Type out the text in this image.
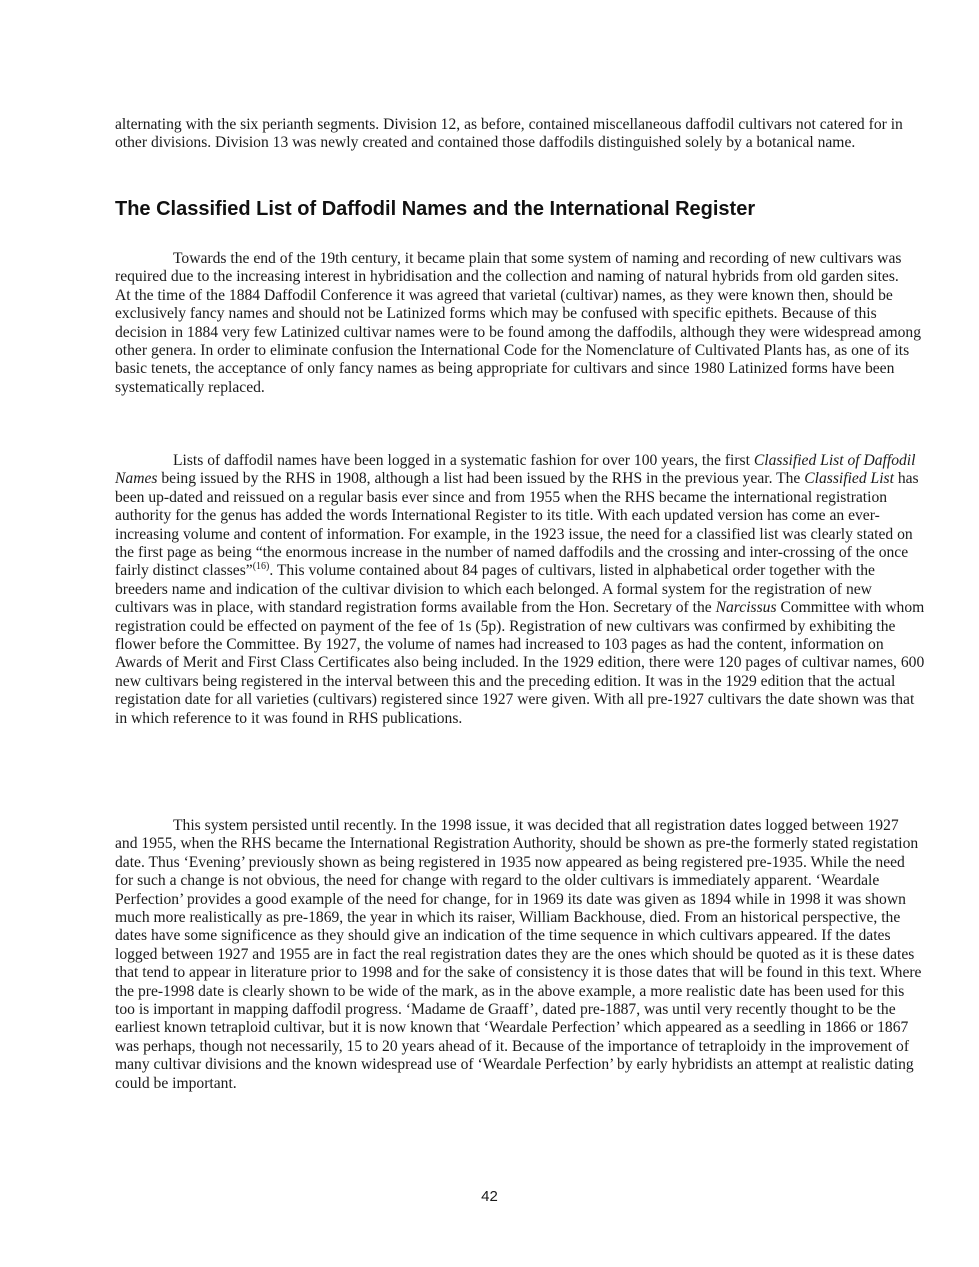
alternating with the six perianth segments. Division 12, as before, contained miscellaneous daffodil cultivars not catered for in other divisions. Division 13 was newly created and contained those daffodils distinguished solely by a botanical name.

The Classified List of Daffodil Names and the International Register

Towards the end of the 19th century, it became plain that some system of naming and recording of new cultivars was required due to the increasing interest in hybridisation and the collection and naming of natural hybrids from old garden sites.

At the time of the 1884 Daffodil Conference it was agreed that varietal (cultivar) names, as they were known then, should be exclusively fancy names and should not be Latinized forms which may be confused with specific epithets. Because of this decision in 1884 very few Latinized cultivar names were to be found among the daffodils, although they were widespread among other genera. In order to eliminate confusion the International Code for the Nomenclature of Cultivated Plants has, as one of its basic tenets, the acceptance of only fancy names as being appropriate for cultivars and since 1980 Latinized forms have been systematically replaced.

Lists of daffodil names have been logged in a systematic fashion for over 100 years, the first Classified List of Daffodil Names being issued by the RHS in 1908, although a list had been issued by the RHS in the previous year. The Classified List has been up-dated and reissued on a regular basis ever since and from 1955 when the RHS became the international registration authority for the genus has added the words International Register to its title. With each updated version has come an ever-increasing volume and content of information. For example, in the 1923 issue, the need for a classified list was clearly stated on the first page as being “the enormous increase in the number of named daffodils and the crossing and inter-crossing of the once fairly distinct classes”$^{(16)}$. This volume contained about 84 pages of cultivars, listed in alphabetical order together with the breeders name and indication of the cultivar division to which each belonged. A formal system for the registration of new cultivars was in place, with standard registration forms available from the Hon. Secretary of the Narcissus Committee with whom registration could be effected on payment of the fee of 1s (5p). Registration of new cultivars was confirmed by exhibiting the flower before the Committee. By 1927, the volume of names had increased to 103 pages as had the content, information on Awards of Merit and First Class Certificates also being included. In the 1929 edition, there were 120 pages of cultivar names, 600 new cultivars being registered in the interval between this and the preceding edition. It was in the 1929 edition that the actual registation date for all varieties (cultivars) registered since 1927 were given. With all pre-1927 cultivars the date shown was that in which reference to it was found in RHS publications.

This system persisted until recently. In the 1998 issue, it was decided that all registration dates logged between 1927 and 1955, when the RHS became the International Registration Authority, should be shown as pre-the formerly stated registation date. Thus ‘Evening’ previously shown as being registered in 1935 now appeared as being registered pre-1935. While the need for such a change is not obvious, the need for change with regard to the older cultivars is immediately apparent. ‘Weardale Perfection’ provides a good example of the need for change, for in 1969 its date was given as 1894 while in 1998 it was shown much more realistically as pre-1869, the year in which its raiser, William Backhouse, died. From an historical perspective, the dates have some significence as they should give an indication of the time sequence in which cultivars appeared. If the dates logged between 1927 and 1955 are in fact the real registration dates they are the ones which should be quoted as it is these dates that tend to appear in literature prior to 1998 and for the sake of consistency it is those dates that will be found in this text. Where the pre-1998 date is clearly shown to be wide of the mark, as in the above example, a more realistic date has been used for this too is important in mapping daffodil progress. ‘Madame de Graaff’, dated pre-1887, was until very recently thought to be the earliest known tetraploid cultivar, but it is now known that ‘Weardale Perfection’ which appeared as a seedling in 1866 or 1867 was perhaps, though not necessarily, 15 to 20 years ahead of it. Because of the importance of tetraploidy in the improvement of many cultivar divisions and the known widespread use of ‘Weardale Perfection’ by early hybridists an attempt at realistic dating could be important.

42
